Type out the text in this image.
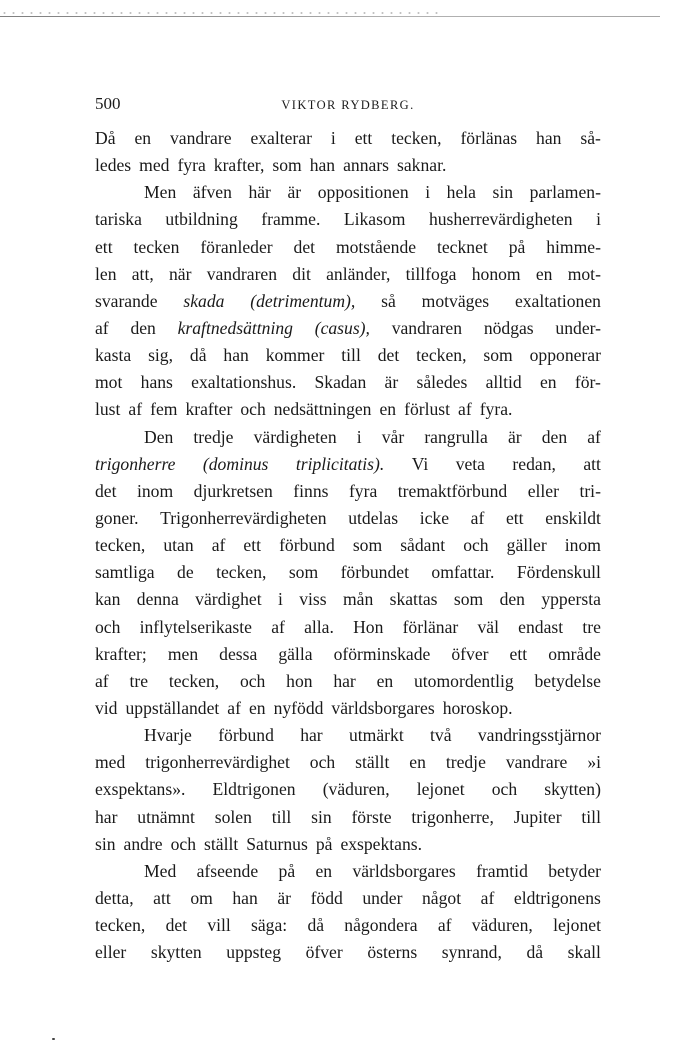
500	VIKTOR RYDBERG.
Då en vandrare exalterar i ett tecken, förlänas han så-
ledes med fyra krafter, som han annars saknar.
Men äfven här är oppositionen i hela sin parlamen-
tariska utbildning framme. Likasom husherrevärdigheten i
ett tecken föranleder det motstående tecknet på himme-
len att, när vandraren dit anländer, tillfoga honom en mot-
svarande skada (detrimentum), så motväges exaltationen
af den kraftnedsättning (casus), vandraren nödgas under-
kasta sig, då han kommer till det tecken, som opponerar
mot hans exaltationshus. Skadan är således alltid en för-
lust af fem krafter och nedsättningen en förlust af fyra.
Den tredje värdigheten i vår rangrulla är den af
trigonherre (dominus triplicitatis). Vi veta redan, att
det inom djurkretsen finns fyra tremaktförbund eller tri-
goner. Trigonherrevärdigheten utdelas icke af ett enskildt
tecken, utan af ett förbund som sådant och gäller inom
samtliga de tecken, som förbundet omfattar. Fördenskull
kan denna värdighet i viss mån skattas som den yppersta
och inflytelserikaste af alla. Hon förlänar väl endast tre
krafter; men dessa gälla oförminskade öfver ett område
af tre tecken, och hon har en utomordentlig betydelse
vid uppställandet af en nyfödd världsborgares horoskop.
Hvarje förbund har utmärkt två vandringsstjärnor
med trigonherrevärdighet och ställt en tredje vandrare »i
exspektans». Eldtrigonen (väduren, lejonet och skytten)
har utnämnt solen till sin förste trigonherre, Jupiter till
sin andre och ställt Saturnus på exspektans.
Med afseende på en världsborgares framtid betyder
detta, att om han är född under något af eldtrigonens
tecken, det vill säga: då någondera af väduren, lejonet
eller skytten uppsteg öfver österns synrand, då skall
